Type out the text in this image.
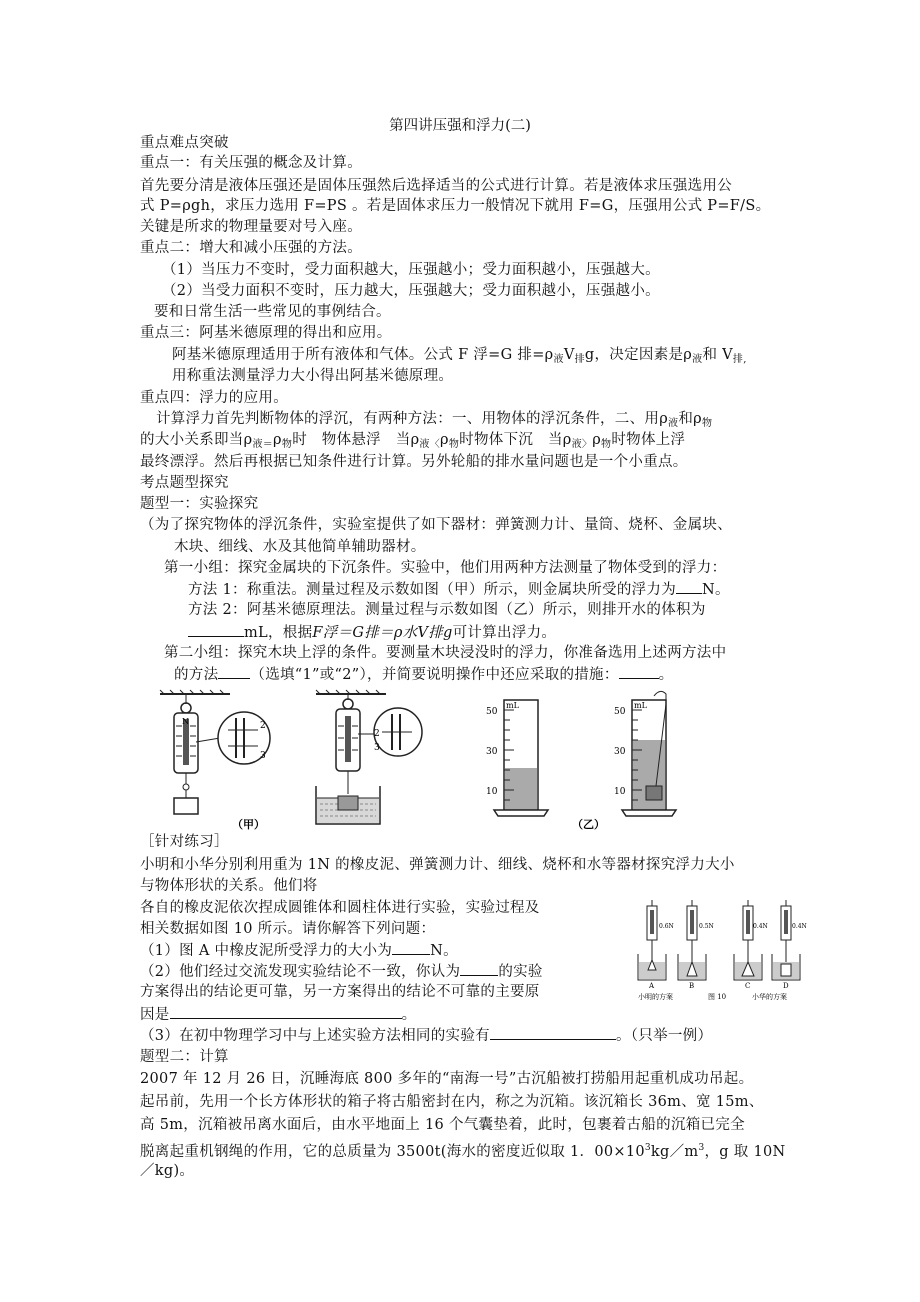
第四讲压强和浮力(二)
重点难点突破
重点一：有关压强的概念及计算。
首先要分清是液体压强还是固体压强然后选择适当的公式进行计算。若是液体求压强选用公
式 P=ρgh，求压力选用 F=PS 。若是固体求压力一般情况下就用 F=G，压强用公式 P=F/S。
关键是所求的物理量要对号入座。
重点二：增大和减小压强的方法。
（1）当压力不变时，受力面积越大，压强越小；受力面积越小，压强越大。
（2）当受力面积不变时，压力越大，压强越大；受力面积越小，压强越小。
要和日常生活一些常见的事例结合。
重点三：阿基米德原理的得出和应用。
阿基米德原理适用于所有液体和气体。公式 F 浮=G 排$=\rho_液V_排g$，决定因素是$\rho_液$和 $V_{排,}$
用称重法测量浮力大小得出阿基米德原理。
重点四：浮力的应用。
计算浮力首先判断物体的浮沉，有两种方法：一、用物体的浮沉条件，二、用$\rho_液$和$\rho_物$
的大小关系即当$\rho_{液=}\rho_物$时　物体悬浮　当$\rho_{液〈}\rho_物$时物体下沉　当$\rho_{液〉}\rho_物$时物体上浮
最终漂浮。然后再根据已知条件进行计算。另外轮船的排水量问题也是一个小重点。
考点题型探究
题型一：实验探究
（为了探究物体的浮沉条件，实验室提供了如下器材：弹簧测力计、量筒、烧杯、金属块、
木块、细线、水及其他简单辅助器材。
第一小组：探究金属块的下沉条件。实验中，他们用两种方法测量了物体受到的浮力：
方法 1：称重法。测量过程及示数如图（甲）所示，则金属块所受的浮力为 N。
方法 2：阿基米德原理法。测量过程与示数如图（乙）所示，则排开水的体积为
mL，根据F浮＝G排＝ρ水V排g可计算出浮力。
第二小组：探究木块上浮的条件。要测量木块浸没时的浮力，你准备选用上述两方法中
的方法 （选填“1”或“2”），并简要说明操作中还应采取的措施：	。
N	2
3
2
3
mL
50
30
10
mL
50
30
10
（甲）	（乙）
［针对练习］
小明和小华分别利用重为 1N 的橡皮泥、弹簧测力计、细线、烧杯和水等器材探究浮力大小
与物体形状的关系。他们将
各自的橡皮泥依次捏成圆锥体和圆柱体进行实验，实验过程及
相关数据如图 10 所示。请你解答下列问题：
（1）图 A 中橡皮泥所受浮力的大小为	N。
（2）他们经过交流发现实验结论不一致，你认为	的实验
方案得出的结论更可靠，另一方案得出的结论不可靠的主要原
因是	。
（3）在初中物理学习中与上述实验方法相同的实验有	。（只举一例）
0.6N	0.5N	0.4N	0.4N
A	B	C	D
小明的方案	图 10	小华的方案
题型二：计算
2007 年 12 月 26 日，沉睡海底 800 多年的“南海一号”古沉船被打捞船用起重机成功吊起。
起吊前，先用一个长方体形状的箱子将古船密封在内，称之为沉箱。该沉箱长 36m、宽 15m、
高 5m，沉箱被吊离水面后，由水平地面上 16 个气囊垫着，此时，包裹着古船的沉箱已完全
脱离起重机钢绳的作用，它的总质量为 3500t(海水的密度近似取 1．$00\times 10^3kg/m^3$，g 取 10N
／kg)。
